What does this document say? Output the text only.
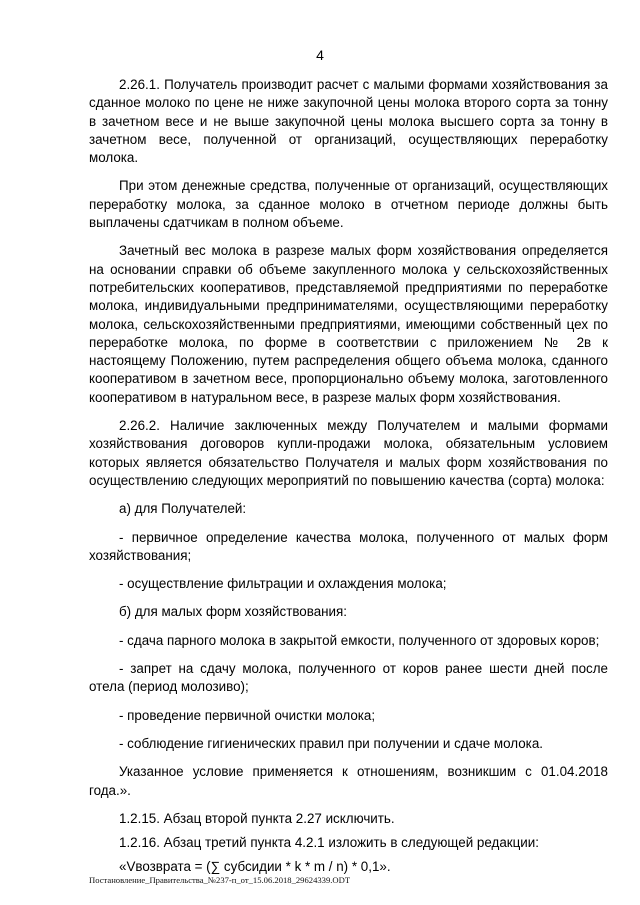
4

2.26.1. Получатель производит расчет с малыми формами хозяйствования за сданное молоко по цене не ниже закупочной цены молока второго сорта за тонну в зачетном весе и не выше закупочной цены молока высшего сорта за тонну в зачетном весе, полученной от организаций, осуществляющих переработку молока.

При этом денежные средства, полученные от организаций, осуществляющих переработку молока, за сданное молоко в отчетном периоде должны быть выплачены сдатчикам в полном объеме.

Зачетный вес молока в разрезе малых форм хозяйствования определяется на основании справки об объеме закупленного молока у сельскохозяйственных потребительских кооперативов, представляемой предприятиями по переработке молока, индивидуальными предпринимателями, осуществляющими переработку молока, сельскохозяйственными предприятиями, имеющими собственный цех по переработке молока, по форме в соответствии с приложением № 2в к настоящему Положению, путем распределения общего объема молока, сданного кооперативом в зачетном весе, пропорционально объему молока, заготовленного кооперативом в натуральном весе, в разрезе малых форм хозяйствования.

2.26.2. Наличие заключенных между Получателем и малыми формами хозяйствования договоров купли-продажи молока, обязательным условием которых является обязательство Получателя и малых форм хозяйствования по осуществлению следующих мероприятий по повышению качества (сорта) молока:

а) для Получателей:

- первичное определение качества молока, полученного от малых форм хозяйствования;

- осуществление фильтрации и охлаждения молока;

б) для малых форм хозяйствования:

- сдача парного молока в закрытой емкости, полученного от здоровых коров;

- запрет на сдачу молока, полученного от коров ранее шести дней после отела (период молозиво);

- проведение первичной очистки молока;

- соблюдение гигиенических правил при получении и сдаче молока.

Указанное условие применяется к отношениям, возникшим с 01.04.2018 года.».

1.2.15. Абзац второй пункта 2.27 исключить.

1.2.16. Абзац третий пункта 4.2.1 изложить в следующей редакции:

«Vвозврата = (∑ субсидии * k * m / n) * 0,1».

Постановление_Правительства_№237-п_от_15.06.2018_29624339.ODT
